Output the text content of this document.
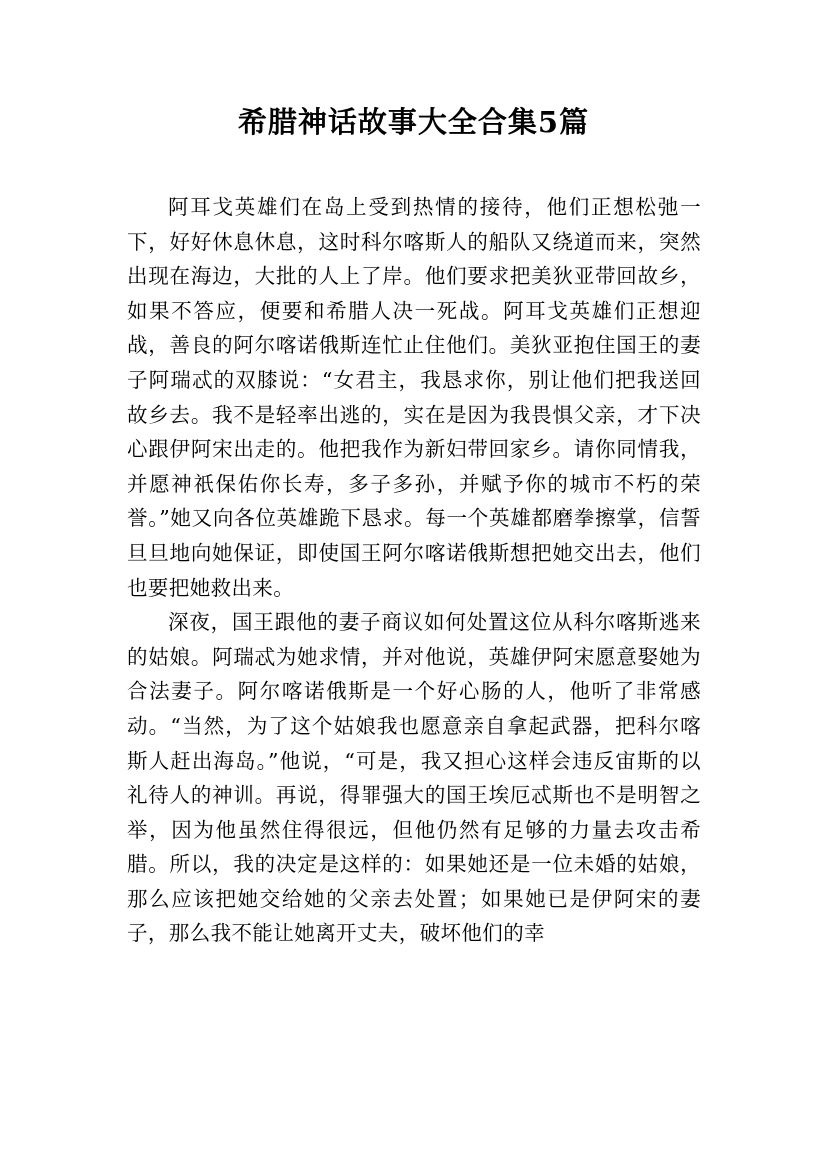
希腊神话故事大全合集5篇

阿耳戈英雄们在岛上受到热情的接待，他们正想松弛一下，好好休息休息，这时科尔喀斯人的船队又绕道而来，突然出现在海边，大批的人上了岸。他们要求把美狄亚带回故乡，如果不答应，便要和希腊人决一死战。阿耳戈英雄们正想迎战，善良的阿尔喀诺俄斯连忙止住他们。美狄亚抱住国王的妻子阿瑞忒的双膝说：“女君主，我恳求你，别让他们把我送回故乡去。我不是轻率出逃的，实在是因为我畏惧父亲，才下决心跟伊阿宋出走的。他把我作为新妇带回家乡。请你同情我，并愿神祇保佑你长寿，多子多孙，并赋予你的城市不朽的荣誉。”她又向各位英雄跪下恳求。每一个英雄都磨拳擦掌，信誓旦旦地向她保证，即使国王阿尔喀诺俄斯想把她交出去，他们也要把她救出来。

深夜，国王跟他的妻子商议如何处置这位从科尔喀斯逃来的姑娘。阿瑞忒为她求情，并对他说，英雄伊阿宋愿意娶她为合法妻子。阿尔喀诺俄斯是一个好心肠的人，他听了非常感动。“当然，为了这个姑娘我也愿意亲自拿起武器，把科尔喀斯人赶出海岛。”他说，“可是，我又担心这样会违反宙斯的以礼待人的神训。再说，得罪强大的国王埃厄忒斯也不是明智之举，因为他虽然住得很远，但他仍然有足够的力量去攻击希腊。所以，我的决定是这样的：如果她还是一位未婚的姑娘，那么应该把她交给她的父亲去处置；如果她已是伊阿宋的妻子，那么我不能让她离开丈夫，破坏他们的幸
